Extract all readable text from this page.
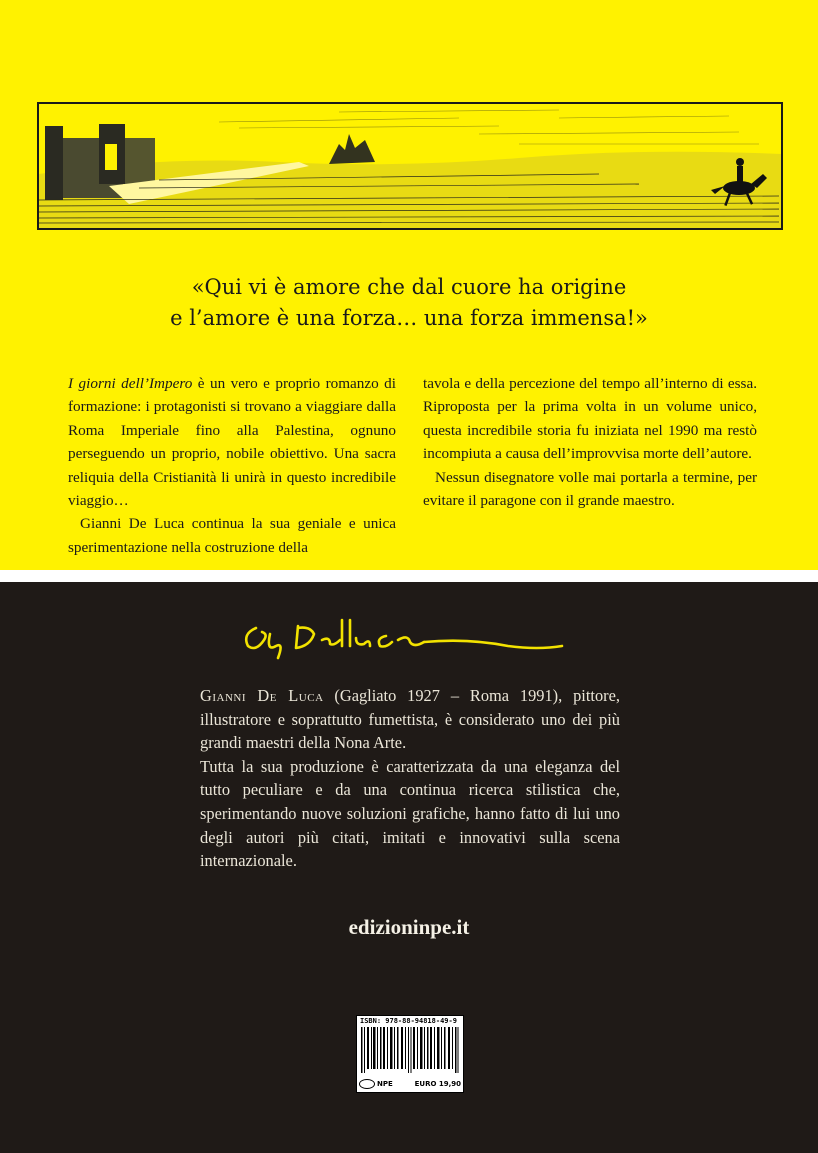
«Qui vi è amore che dal cuore ha origine
e l’amore è una forza… una forza immensa!»

I giorni dell’Impero è un vero e proprio romanzo di formazione: i protagonisti si trovano a viaggiare dalla Roma Imperiale fino alla Palestina, ognuno perseguendo un proprio, nobile obiettivo. Una sacra reliquia della Cristianità li unirà in questo incredibile viaggio…

Gianni De Luca continua la sua geniale e unica sperimentazione nella costruzione della

tavola e della percezione del tempo all’interno di essa. Riproposta per la prima volta in un volume unico, questa incredibile storia fu iniziata nel 1990 ma restò incompiuta a causa dell’improvvisa morte dell’autore.

Nessun disegnatore volle mai portarla a termine, per evitare il paragone con il grande maestro.

Gianni De Luca (Gagliato 1927 – Roma 1991), pittore, illustratore e soprattutto fumettista, è considerato uno dei più grandi maestri della Nona Arte.

Tutta la sua produzione è caratterizzata da una eleganza del tutto peculiare e da una continua ricerca stilistica che, sperimentando nuove soluzioni grafiche, hanno fatto di lui uno degli autori più citati, imitati e innovativi sulla scena internazionale.

edizioninpe.it
ISBN: 978-88-94818-49-9
NPE	EURO 19,90
